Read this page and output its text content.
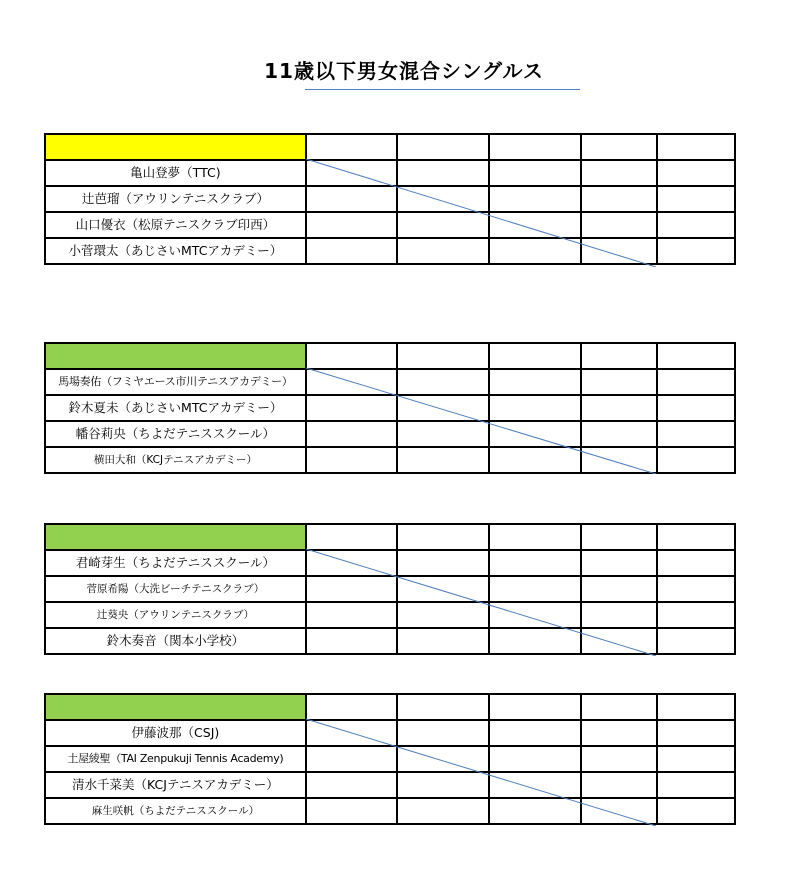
11歳以下男女混合シングルス

亀山登夢（TTC)					
辻芭瑠（アウリンテニスクラブ）					
山口優衣（松原テニスクラブ印西）					
小菅環太（あじさいMTCアカデミー）					

馬場奏佑（フミヤエース市川テニスアカデミー）					
鈴木夏未（あじさいMTCアカデミー）					
幡谷莉央（ちよだテニススクール）					
横田大和（KCJテニスアカデミー）					

君崎芽生（ちよだテニススクール）					
菅原希陽（大洗ビーチテニスクラブ）					
辻葵央（アウリンテニスクラブ）					
鈴木奏音（関本小学校）					

伊藤波那（CSJ)					
土屋綾聖（TAI Zenpukuji Tennis Academy)					
清水千菜美（KCJテニスアカデミー）					
麻生咲帆（ちよだテニススクール）					
